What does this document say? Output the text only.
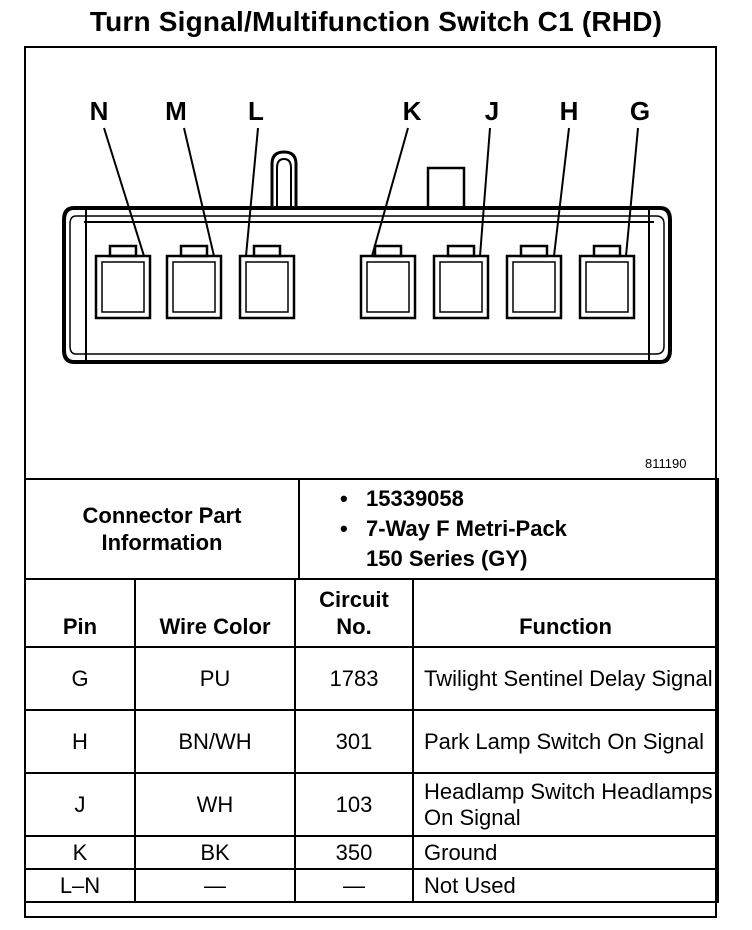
Turn Signal/Multifunction Switch C1 (RHD)
N	M	L	K	J	H	G
811190
Connector Part Information

• 15339058
• 7-Way F Metri-Pack 150 Series (GY)
Pin	Wire Color	Circuit No.	Function
G	PU	1783	Twilight Sentinel Delay Signal
H	BN/WH	301	Park Lamp Switch On Signal
J	WH	103	Headlamp Switch Headlamps On Signal
K	BK	350	Ground
L–N	—	—	Not Used
